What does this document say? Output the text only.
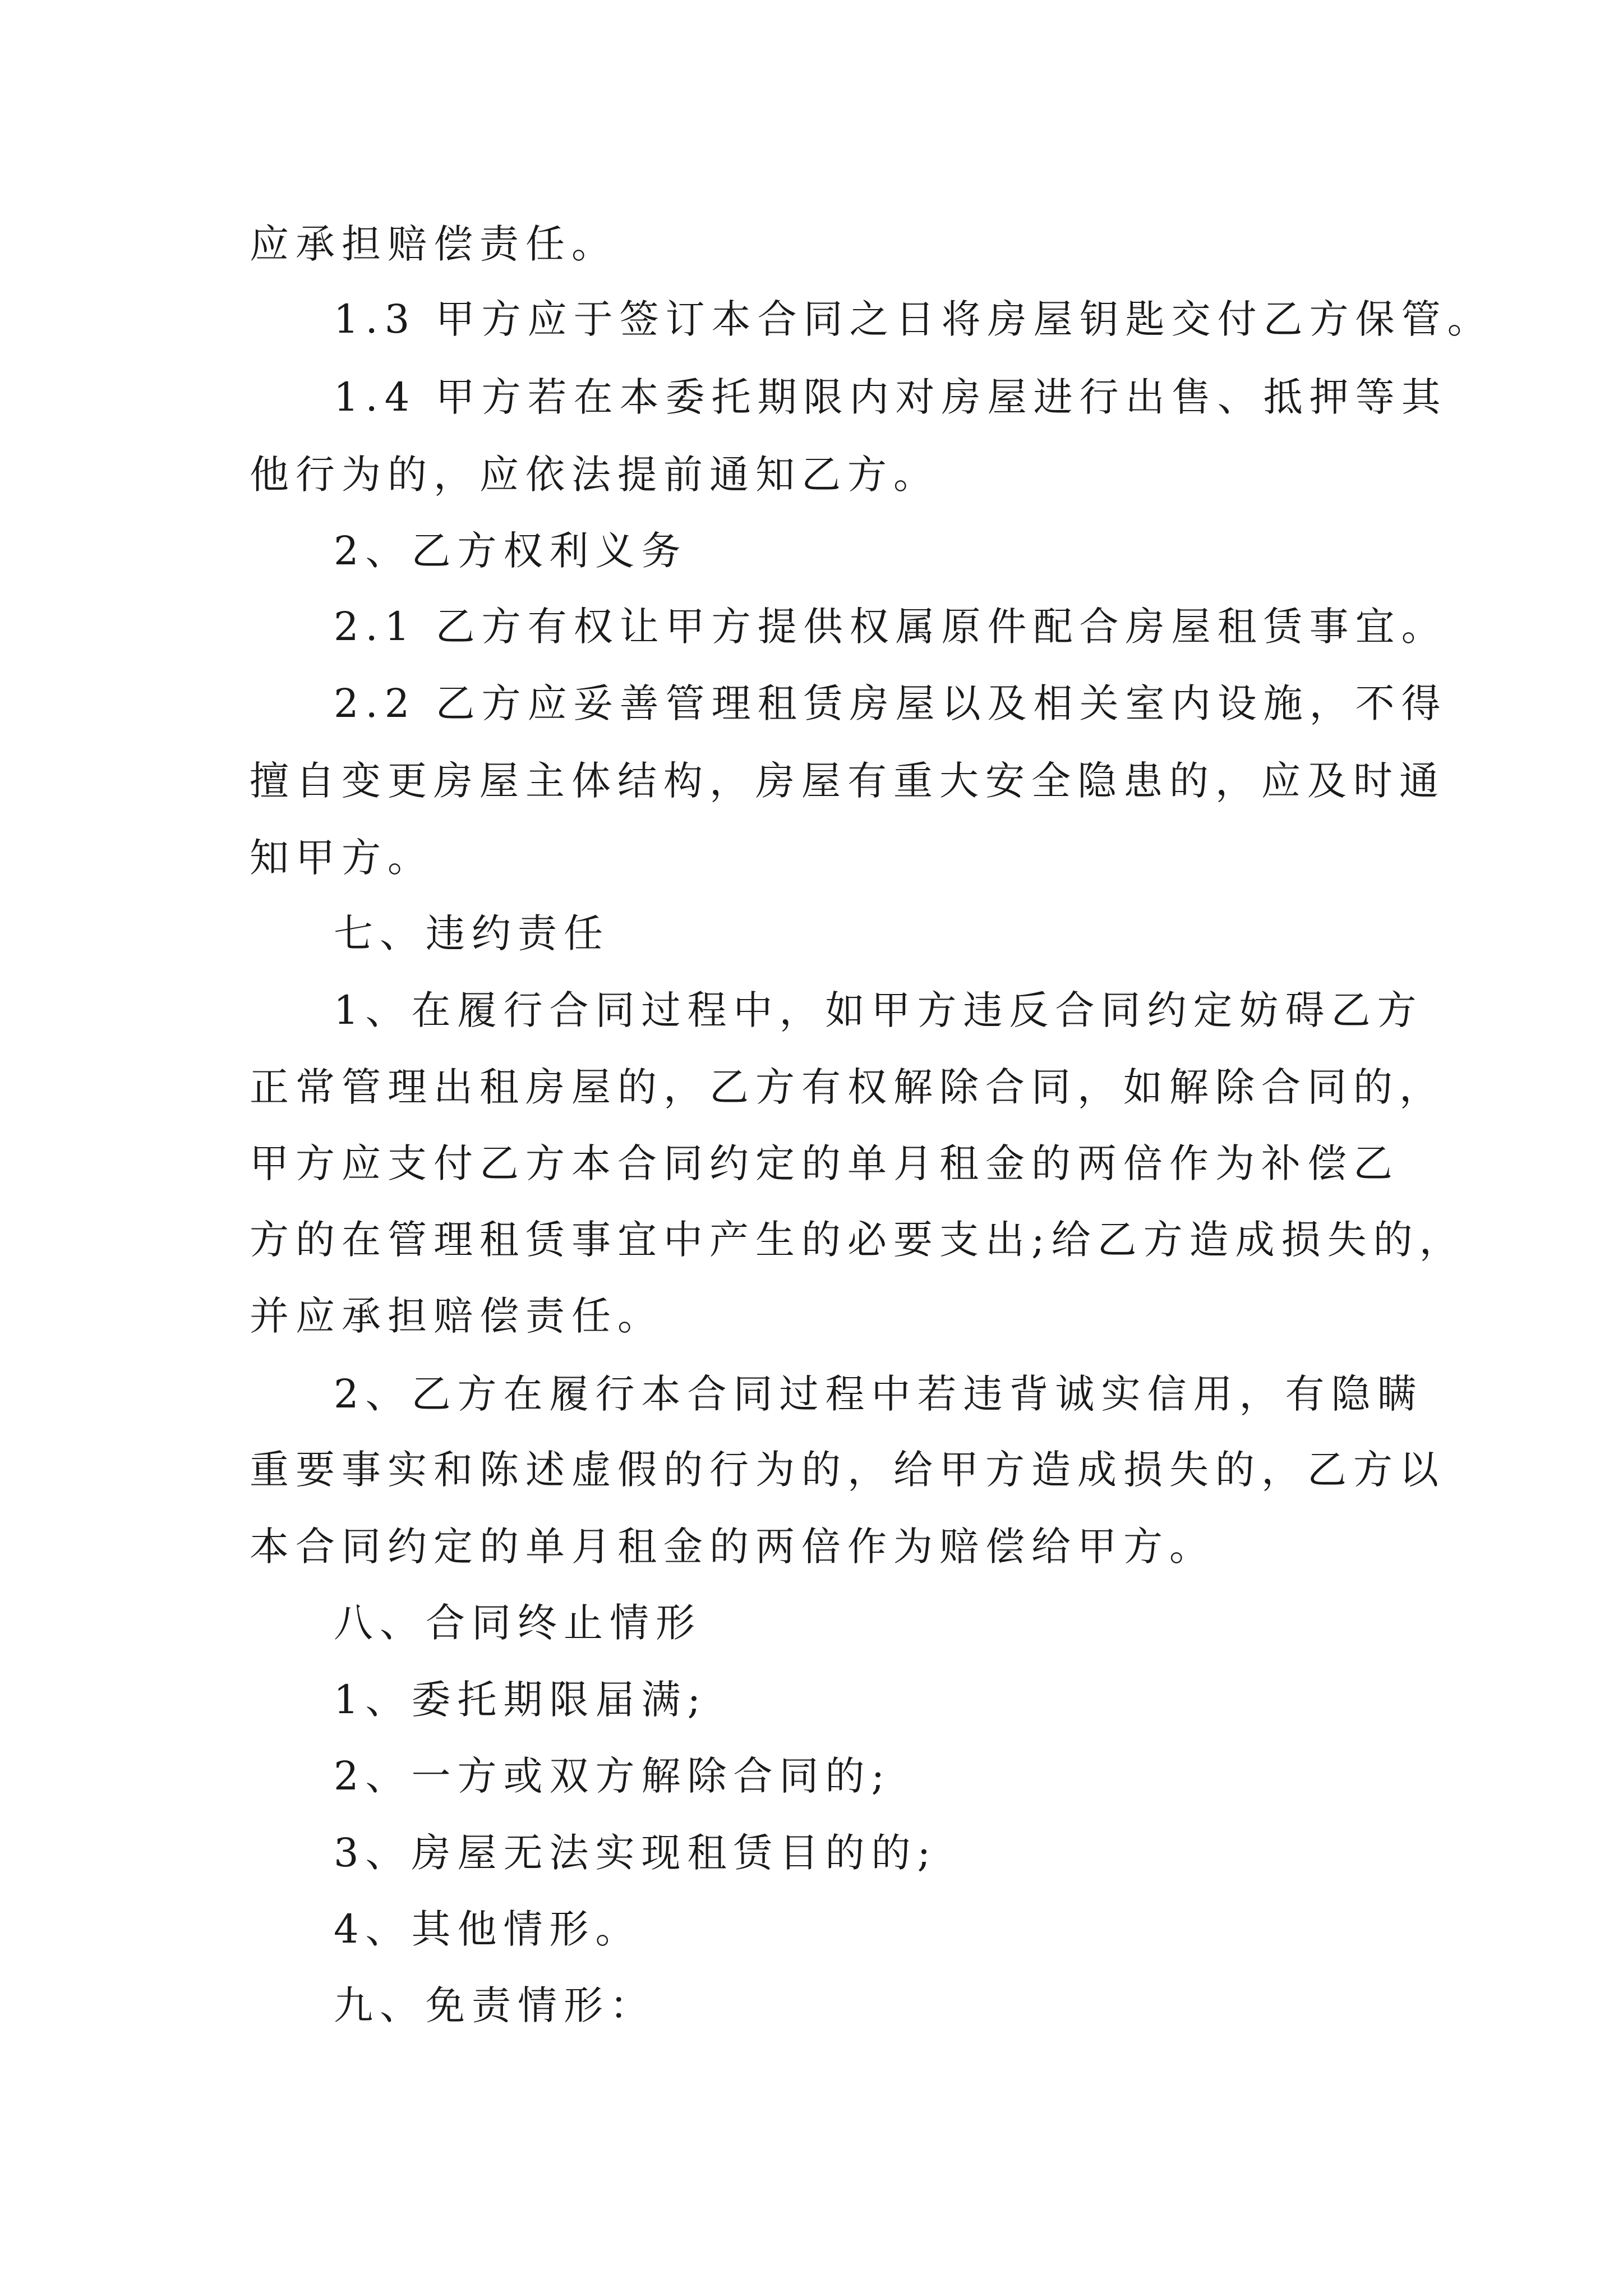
应承担赔偿责任。
1.3 甲方应于签订本合同之日将房屋钥匙交付乙方保管。
1.4 甲方若在本委托期限内对房屋进行出售、抵押等其
他行为的，应依法提前通知乙方。
2、乙方权利义务
2.1 乙方有权让甲方提供权属原件配合房屋租赁事宜。
2.2 乙方应妥善管理租赁房屋以及相关室内设施，不得
擅自变更房屋主体结构，房屋有重大安全隐患的，应及时通
知甲方。
七、违约责任
1、在履行合同过程中，如甲方违反合同约定妨碍乙方
正常管理出租房屋的，乙方有权解除合同，如解除合同的，
甲方应支付乙方本合同约定的单月租金的两倍作为补偿乙
方的在管理租赁事宜中产生的必要支出;给乙方造成损失的，
并应承担赔偿责任。
2、乙方在履行本合同过程中若违背诚实信用，有隐瞒
重要事实和陈述虚假的行为的，给甲方造成损失的，乙方以
本合同约定的单月租金的两倍作为赔偿给甲方。
八、合同终止情形
1、委托期限届满;
2、一方或双方解除合同的;
3、房屋无法实现租赁目的的;
4、其他情形。
九、免责情形：
